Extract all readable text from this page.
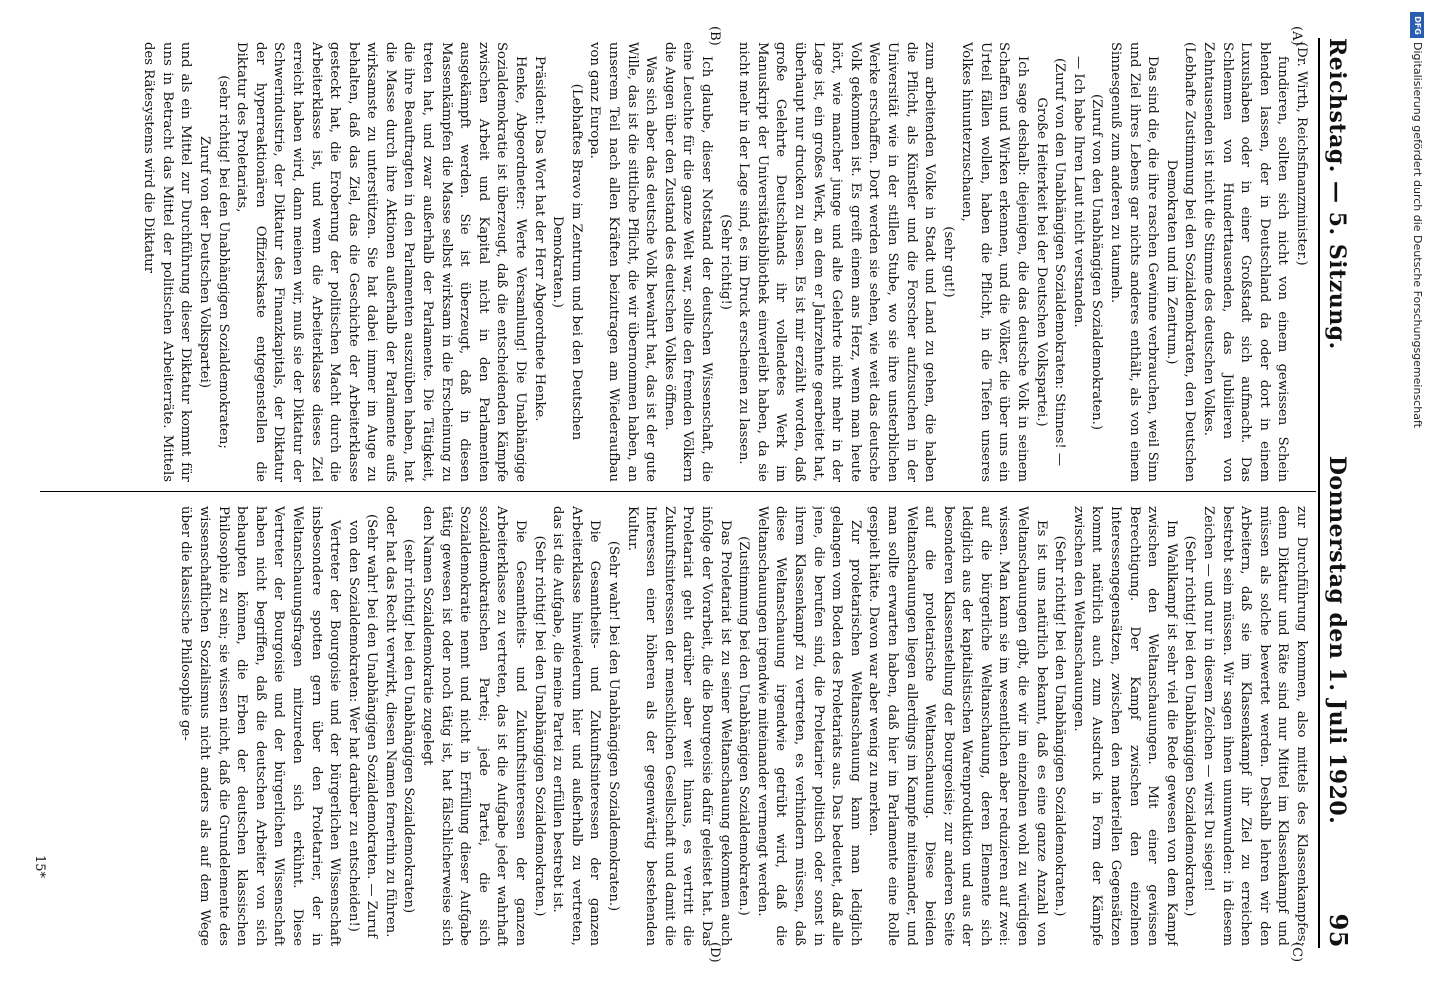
Reichstag. — 5. Sitzung.
Donnerstag den 1. Juli 1920.
95
(A)
(B)
(C)
(D)

(Dr. Wirth, Reichsfinanzminister.)

fundieren, sollten sich nicht von einem gewissen Schein blenden lassen, der in Deutschland da oder dort in einem Luxushaben oder in einer Großstadt sich aufmacht. Das Schlemmen von Hunderttausenden, das Jubilieren von Zehntausenden ist nicht die Stimme des deutschen Volkes.

(Lebhafte Zustimmung bei den Sozialdemokraten, den Deutschen Demokraten und im Zentrum.)

Das sind die, die ihre raschen Gewinne verbrauchen, weil Sinn und Ziel ihres Lebens gar nichts anderes enthält, als von einem Sinnesgenuß zum anderen zu taumeln.

(Zuruf von den Unabhängigen Sozialdemokraten.)

— Ich habe Ihren Laut nicht verstanden.

(Zuruf von den Unabhängigen Sozialdemokraten: Stinnes! — Große Heiterkeit bei der Deutschen Volkspartei.)

Ich sage deshalb: diejenigen, die das deutsche Volk in seinem Schaffen und Wirken erkennen, und die Völker, die über uns ein Urteil fällen wollen, haben die Pflicht, in die Tiefen unseres Volkes hinunterzuschauen,

(sehr gut!)

zum arbeitenden Volke in Stadt und Land zu gehen, die haben die Pflicht, als Künstler und die Forscher aufzusuchen in der Universität wie in der stillen Stube, wo sie ihre unsterblichen Werke erschaffen. Dort werden sie sehen, wie weit das deutsche Volk gekommen ist. Es greift einem ans Herz, wenn man heute hört, wie mancher junge und alte Gelehrte nicht mehr in der Lage ist, ein großes Werk, an dem er Jahrzehnte gearbeitet hat, überhaupt nur drucken zu lassen. Es ist mir erzählt worden, daß große Gelehrte Deutschlands ihr vollendetes Werk im Manuskript der Universitätsbibliothek einverleibt haben, da sie nicht mehr in der Lage sind, es im Druck erscheinen zu lassen.

(Sehr richtig!)

Ich glaube, dieser Notstand der deutschen Wissenschaft, die eine Leuchte für die ganze Welt war, sollte den fremden Völkern die Augen über den Zustand des deutschen Volkes öffnen.

Was sich aber das deutsche Volk bewahrt hat, das ist der gute Wille, das ist die sittliche Pflicht, die wir übernommen haben, an unserem Teil nach allen Kräften beizutragen am Wiederaufbau von ganz Europa.

(Lebhaftes Bravo im Zentrum und bei den Deutschen Demokraten.)

Präsident: Das Wort hat der Herr Abgeordnete Henke.

Henke, Abgeordneter: Werte Versamlung! Die Unabhängige Sozialdemokratie ist überzeugt, daß die entscheidenden Kämpfe zwischen Arbeit und Kapital nicht in den Parlamenten ausgekämpft werden. Sie ist überzeugt, daß in diesen Massenkämpfen die Masse selbst wirksam in die Erscheinung zu treten hat, und zwar außerhalb der Parlamente. Die Tätigkeit, die ihre Beauftragten in den Parlamenten auszuüben haben, hat die Masse durch ihre Aktionen außerhalb der Parlamente aufs wirksamste zu unterstützen. Sie hat dabei immer im Auge zu behalten, daß das Ziel, das die Geschichte der Arbeiterklasse gesteckt hat, die Eroberung der politischen Macht durch die Arbeiterklasse ist, und wenn die Arbeiterklasse dieses Ziel erreicht haben wird, dann meinen wir, muß sie der Diktatur der Schwerindustrie, der Diktatur des Finanzkapitals, der Diktatur der hyperreaktionären Offizierskaste entgegenstellen die Diktatur des Proletariats,

(sehr richtig! bei den Unabhängigen Sozialdemokraten;

Zuruf von der Deutschen Volkspartei)

und als ein Mittel zur Durchführung dieser Diktatur kommt für uns in Betracht das Mittel der politischen Arbeiterräte. Mittels des Rätesystems wird die Diktatur

zur Durchführung kommen, also mittels des Klassenkampfes; denn Diktatur und Räte sind nur Mittel im Klassenkampf und müssen als solche bewertet werden. Deshalb lehren wir den Arbeitern, daß sie im Klassenkampf ihr Ziel zu erreichen bestrebt sein müssen. Wir sagen ihnen unumwunden: in diesem Zeichen — und nur in diesem Zeichen — wirst Du siegen!

(Sehr richtig! bei den Unabhängigen Sozialdemokraten.)

Im Wahlkampf ist sehr viel die Rede gewesen von dem Kampf zwischen den Weltanschauungen. Mit einer gewissen Berechtigung. Der Kampf zwischen den einzelnen Interessengegensätzen, zwischen den materiellen Gegensätzen kommt natürlich auch zum Ausdruck in Form der Kämpfe zwischen den Weltanschauungen.

(Sehr richtig! bei den Unabhängigen Sozialdemokraten.)

Es ist uns natürlich bekannt, daß es eine ganze Anzahl von Weltanschauungen gibt, die wir im einzelnen wohl zu würdigen wissen. Man kann sie im wesentlichen aber reduzieren auf zwei: auf die bürgerliche Weltanschauung, deren Elemente sich lediglich aus der kapitalistischen Warenproduktion und aus der besonderen Klassenstellung der Bourgeoisie; zur anderen Seite auf die proletarische Weltanschauung. Diese beiden Weltanschauungen liegen allerdings im Kampfe miteinander, und man sollte erwarten haben, daß hier im Parlamente eine Rolle gespielt hätte. Davon war aber wenig zu merken.

Zur proletarischen Weltanschauung kann man lediglich gelangen vom Boden des Proletariats aus. Das bedeutet, daß alle jene, die berufen sind, die Proletarier politisch oder sonst in ihrem Klassenkampf zu vertreten, es verhindern müssen, daß diese Weltanschauung irgendwie getrübt wird, daß die Weltanschauungen irgendwie miteinander vermengt werden.

(Zustimmung bei den Unabhängigen Sozialdemokraten.)

Das Proletariat ist zu seiner Weltanschauung gekommen auch infolge der Vorarbeit, die die Bourgeoisie dafür geleistet hat. Das Proletariat geht darüber aber weit hinaus, es vertritt die Zukunftsinteressen der menschlichen Gesellschaft und damit die Interessen einer höheren als der gegenwärtig bestehenden Kultur.

(Sehr wahr! bei den Unabhängigen Sozialdemokraten.)

Die Gesamtheits- und Zukunftsinteressen der ganzen Arbeiterklasse hinwiederum hier und außerhalb zu vertreten, das ist die Aufgabe, die meine Partei zu erfüllen bestrebt ist.

(Sehr richtig! bei den Unabhängigen Sozialdemokraten.)

Die Gesamtheits- und Zukunftsinteressen der ganzen Arbeiterklasse zu vertreten, das ist die Aufgabe jeder wahrhaft sozialdemokratischen Partei; jede Partei, die sich Sozialdemokratie nennt und nicht in Erfüllung dieser Aufgabe tätig gewesen ist oder noch tätig ist, hat fälschlicherweise sich den Namen Sozialdemokratie zugelegt

(sehr richtig! bei den Unabhängigen Sozialdemokraten)

oder hat das Recht verwirkt, diesen Namen fernerhin zu führen.

(Sehr wahr! bei den Unabhängigen Sozialdemokraten. — Zuruf von den Sozialdemokraten: Wer hat darüber zu entscheiden!)

Vertreter der Bourgoisie und der bürgerlichen Wissenschaft insbesondere spotten gern über den Proletarier, der in Weltanschauungsfragen mitzureden sich erkühnt. Diese Vertreter der Bourgoisie und der bürgerlichen Wissenschaft haben nicht begriffen, daß die deutschen Arbeiter von sich behaupten können, die Erben der deutschen klassischen Philosophie zu sein; sie wissen nicht, daß die Grundelemente des wissenschaftlichen Sozialismus nicht anders als auf dem Wege über die klassische Philosophie ge-

15*
DFG
Digitalisierung gefördert durch die Deutsche Forschungsgemeinschaft
